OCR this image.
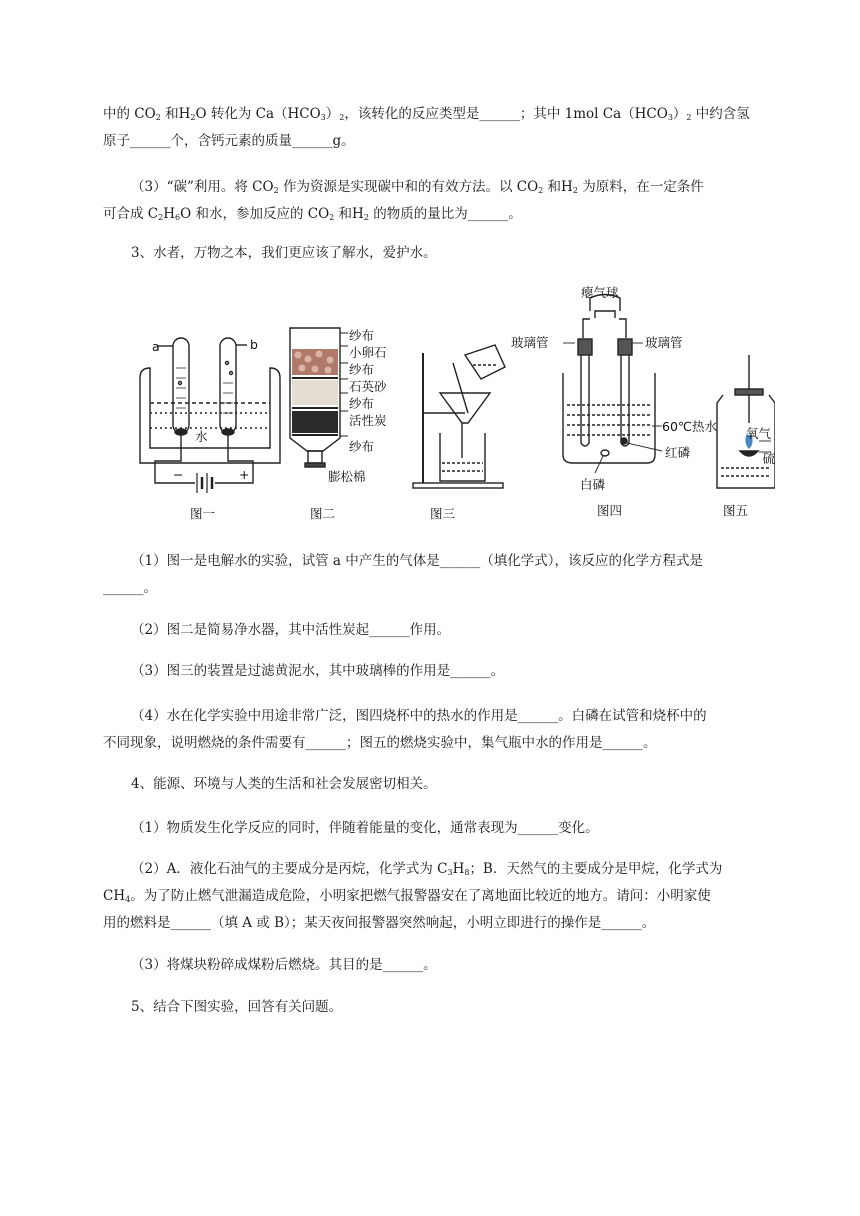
中的 $CO_2$ 和$H_2O$ 转化为 $Ca(HCO_3)_2$，该转化的反应类型是______；其中 1mol $Ca(HCO_3)_2$ 中约含氢
原子______个，含钙元素的质量______g。
（3）“碳”利用。将 $CO_2$ 作为资源是实现碳中和的有效方法。以 $CO_2$ 和$H_2$ 为原料，在一定条件
可合成 $C_2H_6O$ 和水，参加反应的 $CO_2$ 和$H_2$ 的物质的量比为______。
3、水者，万物之本，我们更应该了解水，爱护水。
a	b
水
−	+
图一
纱布
小卵石
纱布
石英砂
纱布
活性炭
纱布
膨松棉
图二	图三
瘪气球
玻璃管	玻璃管
60℃热水
红磷
白磷
图四
氧气
硫
图五
（1）图一是电解水的实验，试管 a 中产生的气体是______（填化学式），该反应的化学方程式是
______。
（2）图二是简易净水器，其中活性炭起______作用。
（3）图三的装置是过滤黄泥水，其中玻璃棒的作用是______。
（4）水在化学实验中用途非常广泛，图四烧杯中的热水的作用是______。白磷在试管和烧杯中的
不同现象，说明燃烧的条件需要有______；图五的燃烧实验中，集气瓶中水的作用是______。
4、能源、环境与人类的生活和社会发展密切相关。
（1）物质发生化学反应的同时，伴随着能量的变化，通常表现为______变化。
（2）A．液化石油气的主要成分是丙烷，化学式为 $C_3H_8$；B．天然气的主要成分是甲烷，化学式为
$CH_4$。为了防止燃气泄漏造成危险，小明家把燃气报警器安在了离地面比较近的地方。请问：小明家使
用的燃料是______（填 A 或 B）；某天夜间报警器突然响起，小明立即进行的操作是______。
（3）将煤块粉碎成煤粉后燃烧。其目的是______。
5、结合下图实验，回答有关问题。
